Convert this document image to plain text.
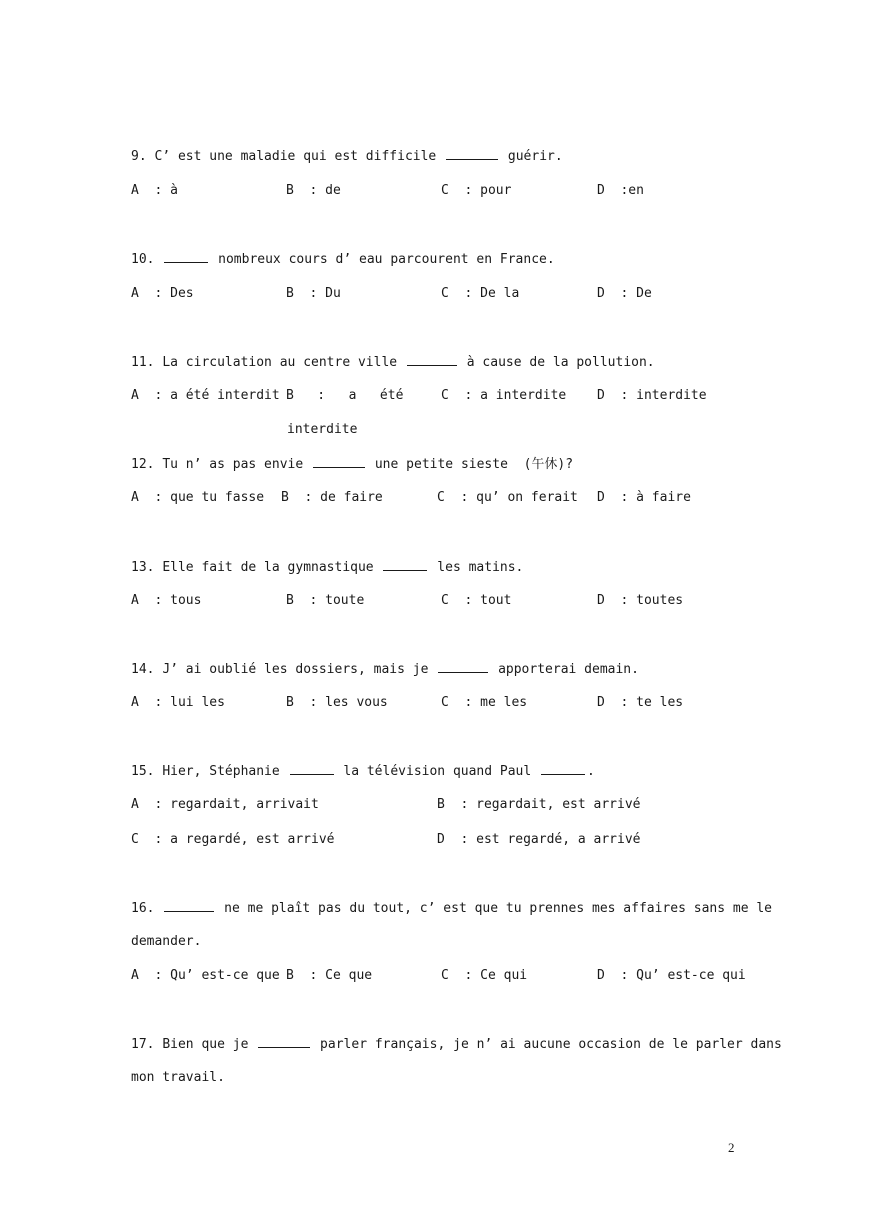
9. C’ est une maladie qui est difficile	guérir.
A  : à	B  : de	C  : pour	D  :en
10.	nombreux cours d’ eau parcourent en France.
A  : Des	B  : Du	C  : De la	D  : De
11. La circulation au centre ville	à cause de la pollution.
A  : a été interdit B   :   a   été	C  : a interdite D  : interdite
interdite
12. Tu n’ as pas envie	une petite sieste  (午休)?
A  : que tu fasse B  : de faire	C  : qu’ on ferait D  : à faire
13. Elle fait de la gymnastique	les matins.
A  : tous	B  : toute	C  : tout	D  : toutes
14. J’ ai oublié les dossiers, mais je	apporterai demain.
A  : lui les	B  : les vous	C  : me les	D  : te les
15. Hier, Stéphanie	la télévision quand Paul	.
A  : regardait, arrivait	B  : regardait, est arrivé
C  : a regardé, est arrivé	D  : est regardé, a arrivé
16.	ne me plaît pas du tout, c’ est que tu prennes mes affaires sans me le
demander.
A  : Qu’ est-ce que B  : Ce que	C  : Ce qui	D  : Qu’ est-ce qui
17. Bien que je	parler français, je n’ ai aucune occasion de le parler dans
mon travail.
2
